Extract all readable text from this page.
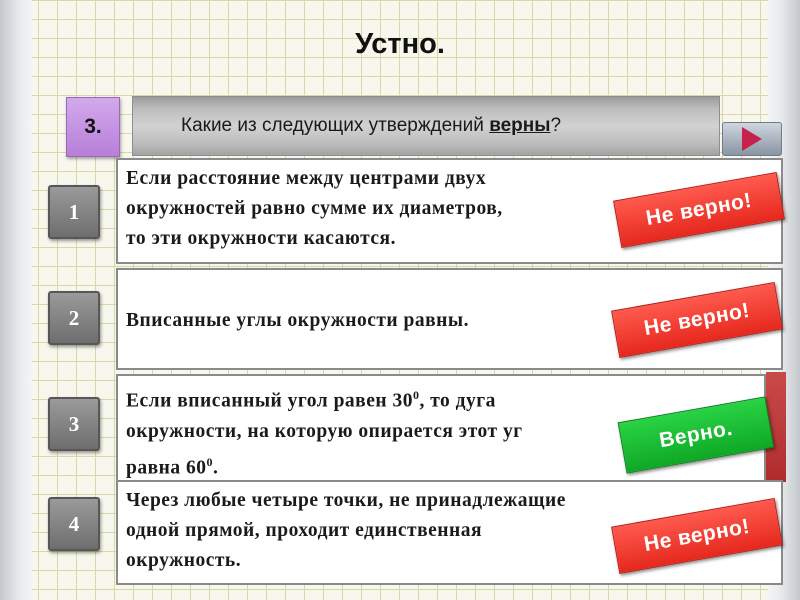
Устно.
3.	Какие из следующих утверждений верны ?
1
Если расстояние между центрами двух
окружностей равно сумме их диаметров,
то эти окружности касаются.
Не верно!
2	Вписанные углы окружности равны.	Не верно!
3
Если вписанный угол равен $30^0$, то дуга
окружности, на которую опирается этот уг
равна $60^0$.
Верно.
4
Через любые четыре точки, не принадлежащие
одной прямой, проходит единственная
окружность.
Не верно!
